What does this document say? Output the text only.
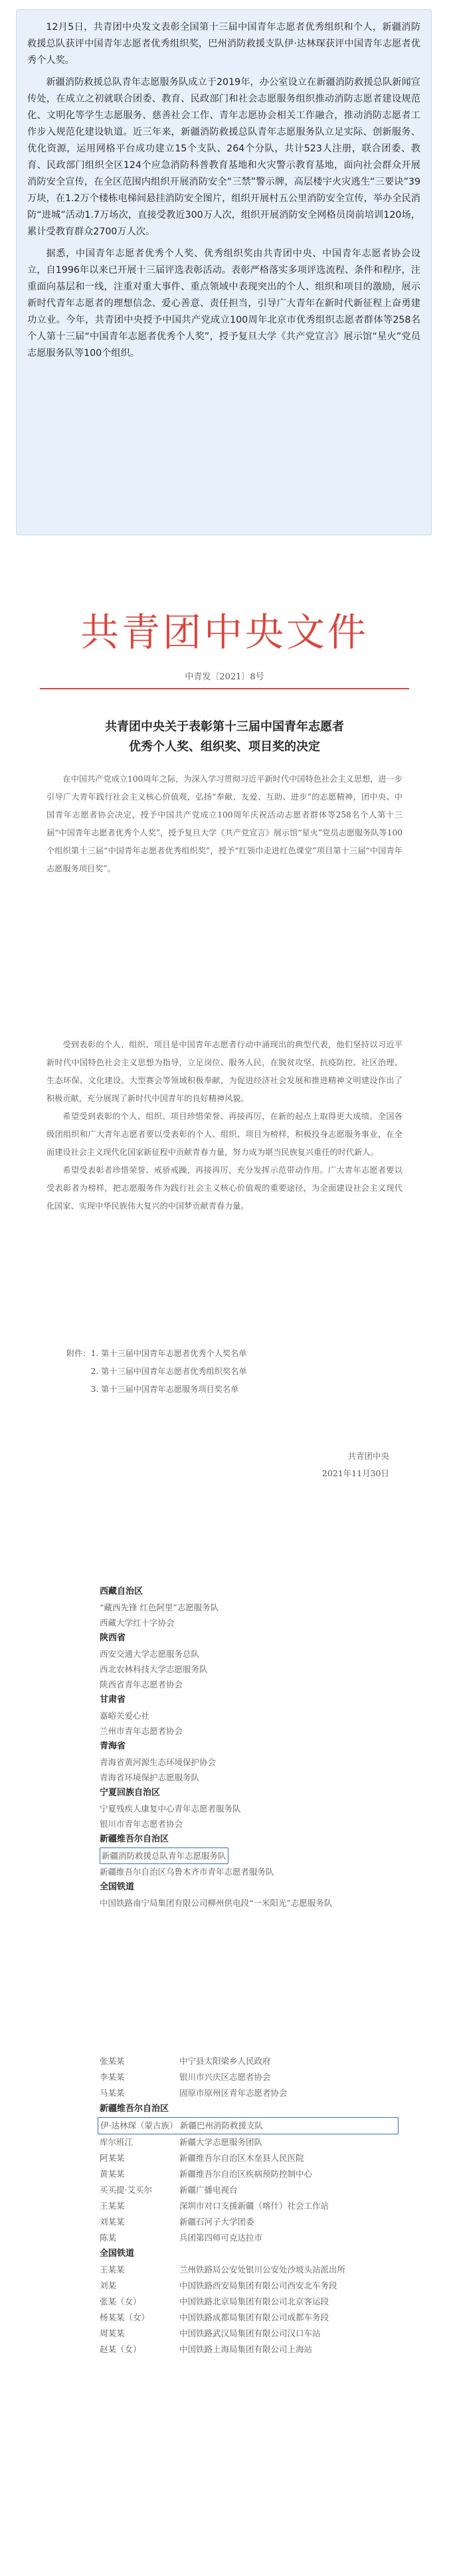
12月5日，共青团中央发文表彰全国第十三届中国青年志愿者优秀组织和个人，新疆消防救援总队获评中国青年志愿者优秀组织奖，巴州消防救援支队伊·达林琛获评中国青年志愿者优秀个人奖。

新疆消防救援总队青年志愿服务队成立于2019年，办公室设立在新疆消防救援总队新闻宣传处，在成立之初就联合团委、教育、民政部门和社会志愿服务组织推动消防志愿者建设规范化、文明化等学生志愿服务、慈善社会工作、青年志愿协会相关工作融合，推动消防志愿者工作步入规范化建设轨道。近三年来，新疆消防救援总队青年志愿服务队立足实际、创新服务、优化资源，运用网格平台成功建立15个支队、264个分队，共计523人注册，联合团委、教育、民政部门组织全区124个应急消防科普教育基地和火灾警示教育基地，面向社会群众开展消防安全宣传，在全区范围内组织开展消防安全“三禁”警示牌，高层楼宇火灾逃生“三要诀”39万块，在1.2万个楼栋电梯间悬挂消防安全图片，组织开展村五公里消防安全宣传，举办全民消防“进城”活动1.7万场次，直接受教近300万人次，组织开展消防安全网格员岗前培训120场，累计受教育群众2700万人次。

据悉，中国青年志愿者优秀个人奖、优秀组织奖由共青团中央、中国青年志愿者协会设立，自1996年以来已开展十三届评选表彰活动。表彰严格落实多项评选流程、条件和程序，注重面向基层和一线，注重对重大事件、重点领域中表现突出的个人、组织和项目的激励，展示新时代青年志愿者的理想信念、爱心善意、责任担当，引导广大青年在新时代新征程上奋勇建功立业。今年，共青团中央授予中国共产党成立100周年北京市优秀组织志愿者群体等258名个人第十三届“中国青年志愿者优秀个人奖”，授予复旦大学《共产党宣言》展示馆“星火”党员志愿服务队等100个组织。

共青团中央文件
中青发〔2021〕8号
共青团中央关于表彰第十三届中国青年志愿者
优秀个人奖、组织奖、项目奖的决定

在中国共产党成立100周年之际，为深入学习贯彻习近平新时代中国特色社会主义思想，进一步引导广大青年践行社会主义核心价值观，弘扬“奉献、友爱、互助、进步”的志愿精神，团中央、中国青年志愿者协会决定，授予中国共产党成立100周年庆祝活动志愿者群体等258名个人第十三届“中国青年志愿者优秀个人奖”，授予复旦大学《共产党宣言》展示馆“星火”党员志愿服务队等100个组织第十三届“中国青年志愿者优秀组织奖”，授予“红领巾走进红色课堂”项目第十三届“中国青年志愿服务项目奖”。

受到表彰的个人、组织、项目是中国青年志愿者行动中涌现出的典型代表，他们坚持以习近平新时代中国特色社会主义思想为指导，立足岗位、服务人民，在脱贫攻坚、抗疫防控、社区治理、生态环保、文化建设、大型赛会等领域积极奉献，为促进经济社会发展和推进精神文明建设作出了积极贡献，充分展现了新时代中国青年的良好精神风貌。

希望受到表彰的个人、组织、项目珍惜荣誉、再接再厉，在新的起点上取得更大成绩。全国各级团组织和广大青年志愿者要以受表彰的个人、组织、项目为榜样，积极投身志愿服务事业，在全面建设社会主义现代化国家新征程中贡献青春力量，努力成为堪当民族复兴重任的时代新人。

希望受表彰者珍惜荣誉、戒骄戒躁，再接再厉，充分发挥示范带动作用。广大青年志愿者要以受表彰者为榜样，把志愿服务作为践行社会主义核心价值观的重要途径，为全面建设社会主义现代化国家、实现中华民族伟大复兴的中国梦贡献青春力量。

附件：1. 第十三届中国青年志愿者优秀个人奖名单
2. 第十三届中国青年志愿者优秀组织奖名单
3. 第十三届中国青年志愿服务项目奖名单
共青团中央
2021年11月30日
西藏自治区
“藏西先锋 红色阿里”志愿服务队
西藏大学红十字协会
陕西省
西安交通大学志愿服务总队
西北农林科技大学志愿服务队
陕西省青年志愿者协会
甘肃省
嘉峪关爱心社
兰州市青年志愿者协会
青海省
青海省黄河源生态环境保护协会
青海省环境保护志愿服务队
宁夏回族自治区
宁夏残疾人康复中心青年志愿者服务队
银川市青年志愿者协会
新疆维吾尔自治区
新疆消防救援总队青年志愿服务队
新疆维吾尔自治区乌鲁木齐市青年志愿者服务队
全国铁道
中国铁路南宁局集团有限公司柳州供电段“一米阳光”志愿服务队
张某某	中宁县太阳梁乡人民政府
李某某	银川市兴庆区志愿者协会
马某某	固原市原州区青年志愿者协会
新疆维吾尔自治区
伊·达林琛（蒙古族） 新疆巴州消防救援支队
库尔班江	新疆大学志愿服务团队
阿某某	新疆维吾尔自治区木垒县人民医院
黄某某	新疆维吾尔自治区疾病预防控制中心
买买提·艾买尔	新疆广播电视台
王某某	深圳市对口支援新疆（喀什）社会工作站
刘某某	新疆石河子大学团委
陈某	兵团第四师可克达拉市
全国铁道
王某某	兰州铁路局公安处银川公安处沙坡头站派出所
刘某	中国铁路西安局集团有限公司西安北车务段
张某（女）	中国铁路北京局集团有限公司北京客运段
杨某某（女）	中国铁路成都局集团有限公司成都车务段
周某某	中国铁路武汉局集团有限公司汉口车站
赵某（女）	中国铁路上海局集团有限公司上海站
